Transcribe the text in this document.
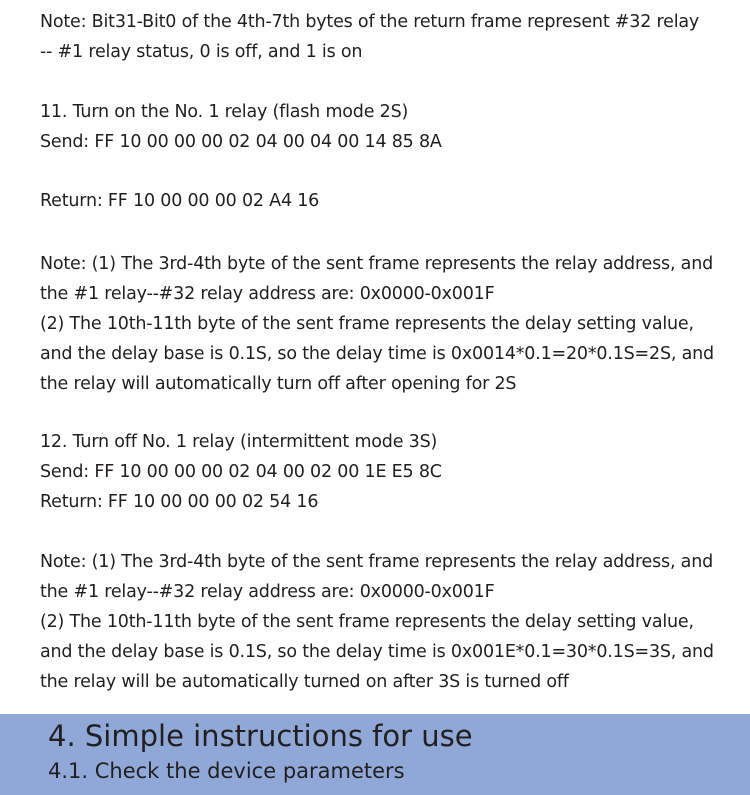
Note: Bit31-Bit0 of the 4th-7th bytes of the return frame represent #32 relay
-- #1 relay status, 0 is off, and 1 is on
11. Turn on the No. 1 relay (flash mode 2S)
Send: FF 10 00 00 00 02 04 00 04 00 14 85 8A
Return: FF 10 00 00 00 02 A4 16
Note: (1) The 3rd-4th byte of the sent frame represents the relay address, and
the #1 relay--#32 relay address are: 0x0000-0x001F
(2) The 10th-11th byte of the sent frame represents the delay setting value,
and the delay base is 0.1S, so the delay time is 0x0014*0.1=20*0.1S=2S, and
the relay will automatically turn off after opening for 2S
12. Turn off No. 1 relay (intermittent mode 3S)
Send: FF 10 00 00 00 02 04 00 02 00 1E E5 8C
Return: FF 10 00 00 00 02 54 16
Note: (1) The 3rd-4th byte of the sent frame represents the relay address, and
the #1 relay--#32 relay address are: 0x0000-0x001F
(2) The 10th-11th byte of the sent frame represents the delay setting value,
and the delay base is 0.1S, so the delay time is 0x001E*0.1=30*0.1S=3S, and
the relay will be automatically turned on after 3S is turned off
4. Simple instructions for use
4.1. Check the device parameters
